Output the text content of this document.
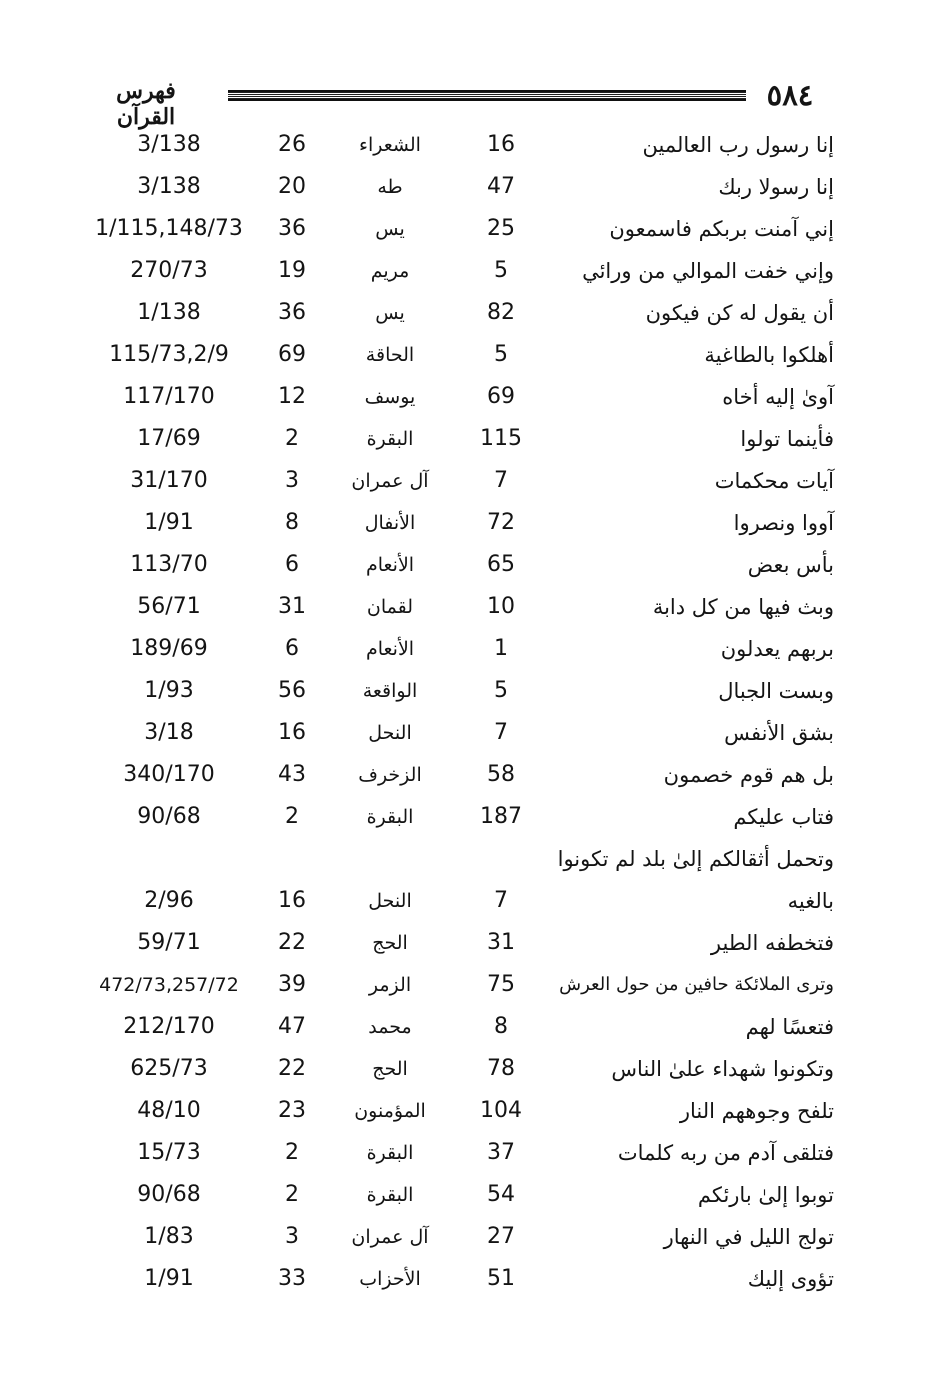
٥٨٤
فهرس القرآن
إنا رسول رب العالمين
16
الشعراء
26
3/138
إنا رسولا ربك
47
طه
20
3/138
إني آمنت بربكم فاسمعون
25
يس
36
1/115,148/73
وإني خفت الموالي من ورائي
5
مريم
19
270/73
أن يقول له كن فيكون
82
يس
36
1/138
أهلكوا بالطاغية
5
الحاقة
69
115/73,2/9
آوىٰ إليه أخاه
69
يوسف
12
117/170
فأينما تولوا
115
البقرة
2
17/69
آيات محكمات
7
آل عمران
3
31/170
آووا ونصروا
72
الأنفال
8
1/91
بأس بعض
65
الأنعام
6
113/70
وبث فيها من كل دابة
10
لقمان
31
56/71
بربهم يعدلون
1
الأنعام
6
189/69
وبست الجبال
5
الواقعة
56
1/93
بشق الأنفس
7
النحل
16
3/18
بل هم قوم خصمون
58
الزخرف
43
340/170
فتاب عليكم
187
البقرة
2
90/68
وتحمل أثقالكم إلىٰ بلد لم تكونوا
بالغيه
7
النحل
16
2/96
فتخطفه الطير
31
الحج
22
59/71
وترى الملائكة حافين من حول العرش
75
الزمر
39
472/73,257/72
فتعسًا لهم
8
محمد
47
212/170
وتكونوا شهداء علىٰ الناس
78
الحج
22
625/73
تلفح وجوههم النار
104
المؤمنون
23
48/10
فتلقى آدم من ربه كلمات
37
البقرة
2
15/73
توبوا إلىٰ بارئكم
54
البقرة
2
90/68
تولج الليل في النهار
27
آل عمران
3
1/83
تؤوى إليك
51
الأحزاب
33
1/91
